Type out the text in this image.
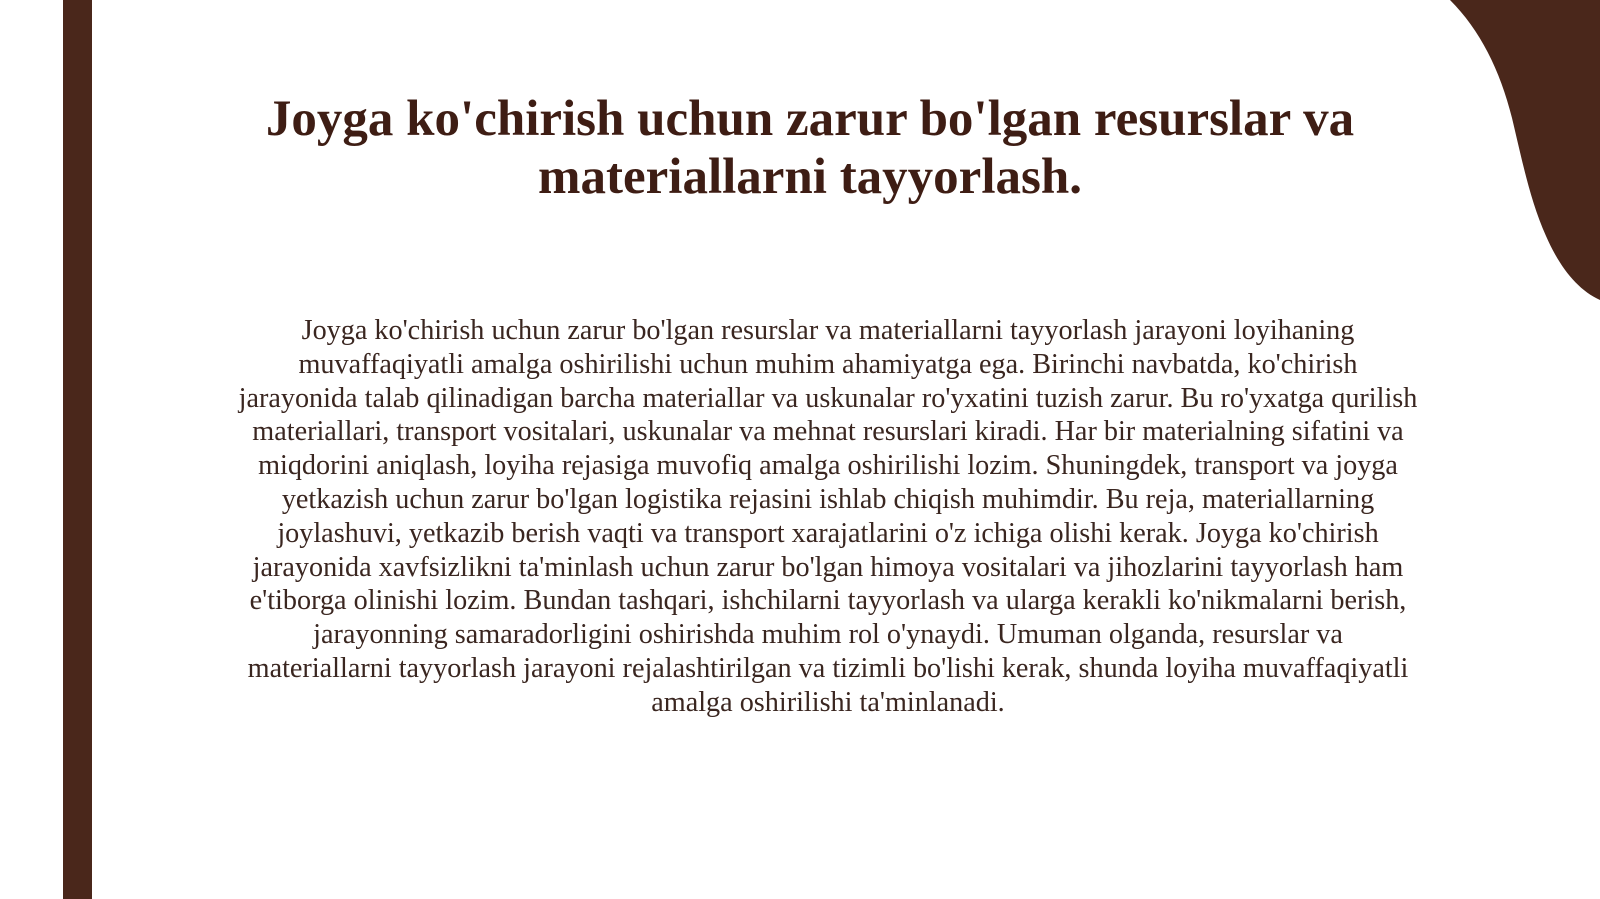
Joyga ko'chirish uchun zarur bo'lgan resurslar va materiallarni tayyorlash.

Joyga ko'chirish uchun zarur bo'lgan resurslar va materiallarni tayyorlash jarayoni loyihaning muvaffaqiyatli amalga oshirilishi uchun muhim ahamiyatga ega. Birinchi navbatda, ko'chirish jarayonida talab qilinadigan barcha materiallar va uskunalar ro'yxatini tuzish zarur. Bu ro'yxatga qurilish materiallari, transport vositalari, uskunalar va mehnat resurslari kiradi. Har bir materialning sifatini va miqdorini aniqlash, loyiha rejasiga muvofiq amalga oshirilishi lozim. Shuningdek, transport va joyga yetkazish uchun zarur bo'lgan logistika rejasini ishlab chiqish muhimdir. Bu reja, materiallarning joylashuvi, yetkazib berish vaqti va transport xarajatlarini o'z ichiga olishi kerak. Joyga ko'chirish jarayonida xavfsizlikni ta'minlash uchun zarur bo'lgan himoya vositalari va jihozlarini tayyorlash ham e'tiborga olinishi lozim. Bundan tashqari, ishchilarni tayyorlash va ularga kerakli ko'nikmalarni berish, jarayonning samaradorligini oshirishda muhim rol o'ynaydi. Umuman olganda, resurslar va materiallarni tayyorlash jarayoni rejalashtirilgan va tizimli bo'lishi kerak, shunda loyiha muvaffaqiyatli amalga oshirilishi ta'minlanadi.
